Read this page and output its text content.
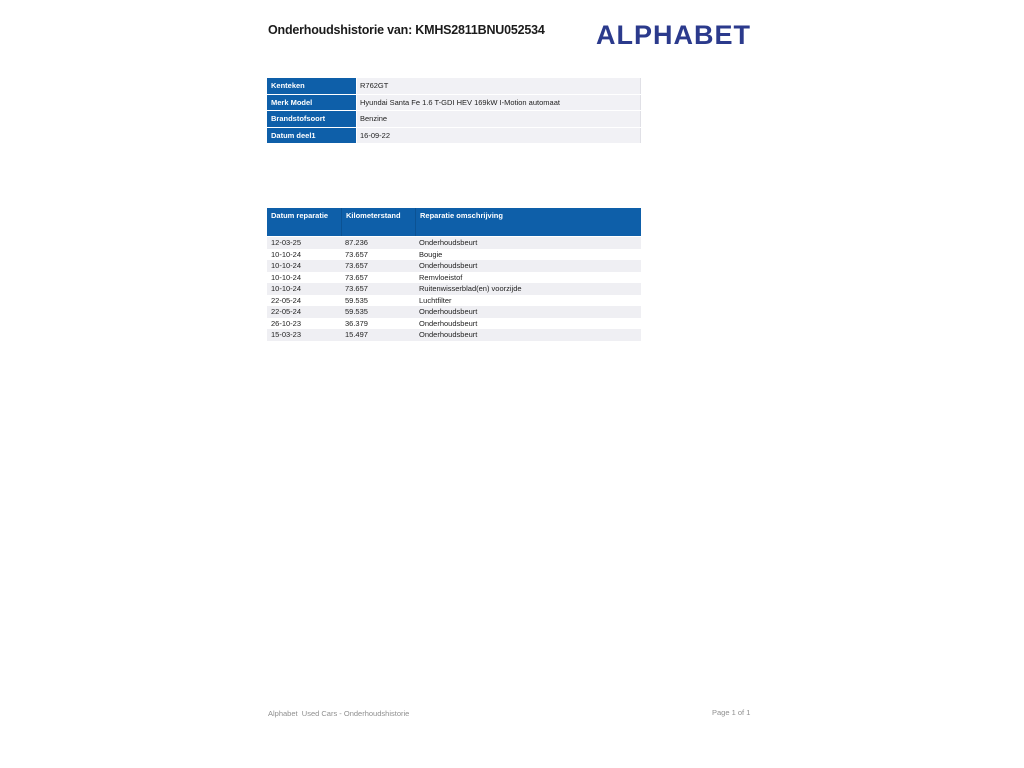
Onderhoudshistorie van: KMHS2811BNU052534 ALPHABET
Kenteken	R762GT
Merk Model	Hyundai Santa Fe 1.6 T-GDI HEV 169kW I-Motion automaat
Brandstofsoort	Benzine
Datum deel1	16-09-22
Datum reparatie	Kilometerstand	Reparatie omschrijving
12-03-25	87.236	Onderhoudsbeurt
10-10-24	73.657	Bougie
10-10-24	73.657	Onderhoudsbeurt
10-10-24	73.657	Remvloeistof
10-10-24	73.657	Ruitenwisserblad(en) voorzijde
22-05-24	59.535	Luchtfilter
22-05-24	59.535	Onderhoudsbeurt
26-10-23	36.379	Onderhoudsbeurt
15-03-23	15.497	Onderhoudsbeurt
Alphabet  Used Cars - Onderhoudshistorie	Page 1 of 1
